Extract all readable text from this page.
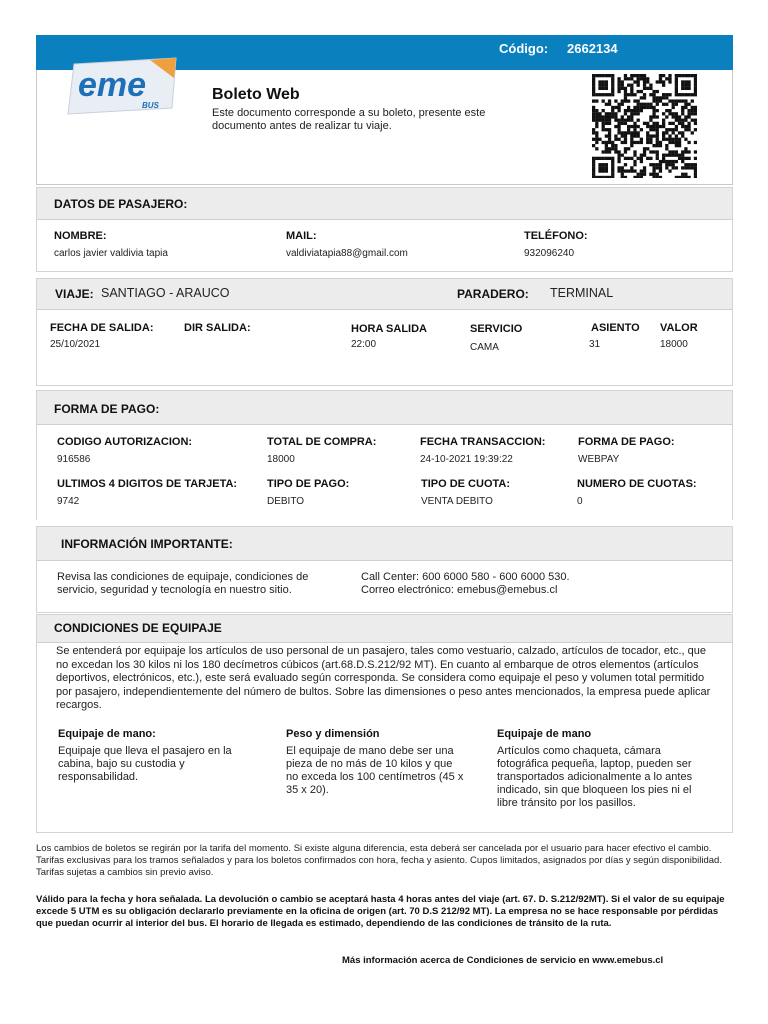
Código: 2662134
eme
BUS
Boleto Web
Este documento corresponde a su boleto, presente este documento antes de realizar tu viaje.
DATOS DE PASAJERO:
NOMBRE:
carlos javier valdivia tapia
MAIL:
valdiviatapia88@gmail.com
TELÉFONO:
932096240
VIAJE: SANTIAGO - ARAUCO	PARADERO: TERMINAL
FECHA DE SALIDA:
25/10/2021
DIR SALIDA:	HORA SALIDA
22:00
SERVICIO
CAMA
ASIENTO
31
VALOR
18000
FORMA DE PAGO:
CODIGO AUTORIZACION:
916586
TOTAL DE COMPRA:
18000
FECHA TRANSACCION:
24-10-2021 19:39:22
FORMA DE PAGO:
WEBPAY
ULTIMOS 4 DIGITOS DE TARJETA:
9742
TIPO DE PAGO:
DEBITO
TIPO DE CUOTA:
VENTA DEBITO
NUMERO DE CUOTAS:
0
INFORMACIÓN IMPORTANTE:
Revisa las condiciones de equipaje, condiciones de servicio, seguridad y tecnología en nuestro sitio.
Call Center: 600 6000 580 - 600 6000 530.
Correo electrónico: emebus@emebus.cl
CONDICIONES DE EQUIPAJE
Se entenderá por equipaje los artículos de uso personal de un pasajero, tales como vestuario, calzado, artículos de tocador, etc., que no excedan los 30 kilos ni los 180 decímetros cúbicos (art.68.D.S.212/92 MT). En cuanto al embarque de otros elementos (artículos deportivos, electrónicos, etc.), este será evaluado según corresponda. Se considera como equipaje el peso y volumen total permitido por pasajero, independientemente del número de bultos. Sobre las dimensiones o peso antes mencionados, la empresa puede aplicar recargos.
Equipaje de mano:
Equipaje que lleva el pasajero en la cabina, bajo su custodia y responsabilidad.
Peso y dimensión
El equipaje de mano debe ser una pieza de no más de 10 kilos y que no exceda los 100 centímetros (45 x 35 x 20).
Equipaje de mano
Artículos como chaqueta, cámara fotográfica pequeña, laptop, pueden ser transportados adicionalmente a lo antes indicado, sin que bloqueen los pies ni el libre tránsito por los pasillos.
Los cambios de boletos se regirán por la tarifa del momento. Si existe alguna diferencia, esta deberá ser cancelada por el usuario para hacer efectivo el cambio. Tarifas exclusivas para los tramos señalados y para los boletos confirmados con hora, fecha y asiento. Cupos limitados, asignados por días y según disponibilidad. Tarifas sujetas a cambios sin previo aviso.
Válido para la fecha y hora señalada. La devolución o cambio se aceptará hasta 4 horas antes del viaje (art. 67. D. S.212/92MT). Si el valor de su equipaje excede 5 UTM es su obligación declararlo previamente en la oficina de origen (art. 70 D.S 212/92 MT). La empresa no se hace responsable por pérdidas que puedan ocurrir al interior del bus. El horario de llegada es estimado, dependiendo de las condiciones de tránsito de la ruta.
Más información acerca de Condiciones de servicio en www.emebus.cl
